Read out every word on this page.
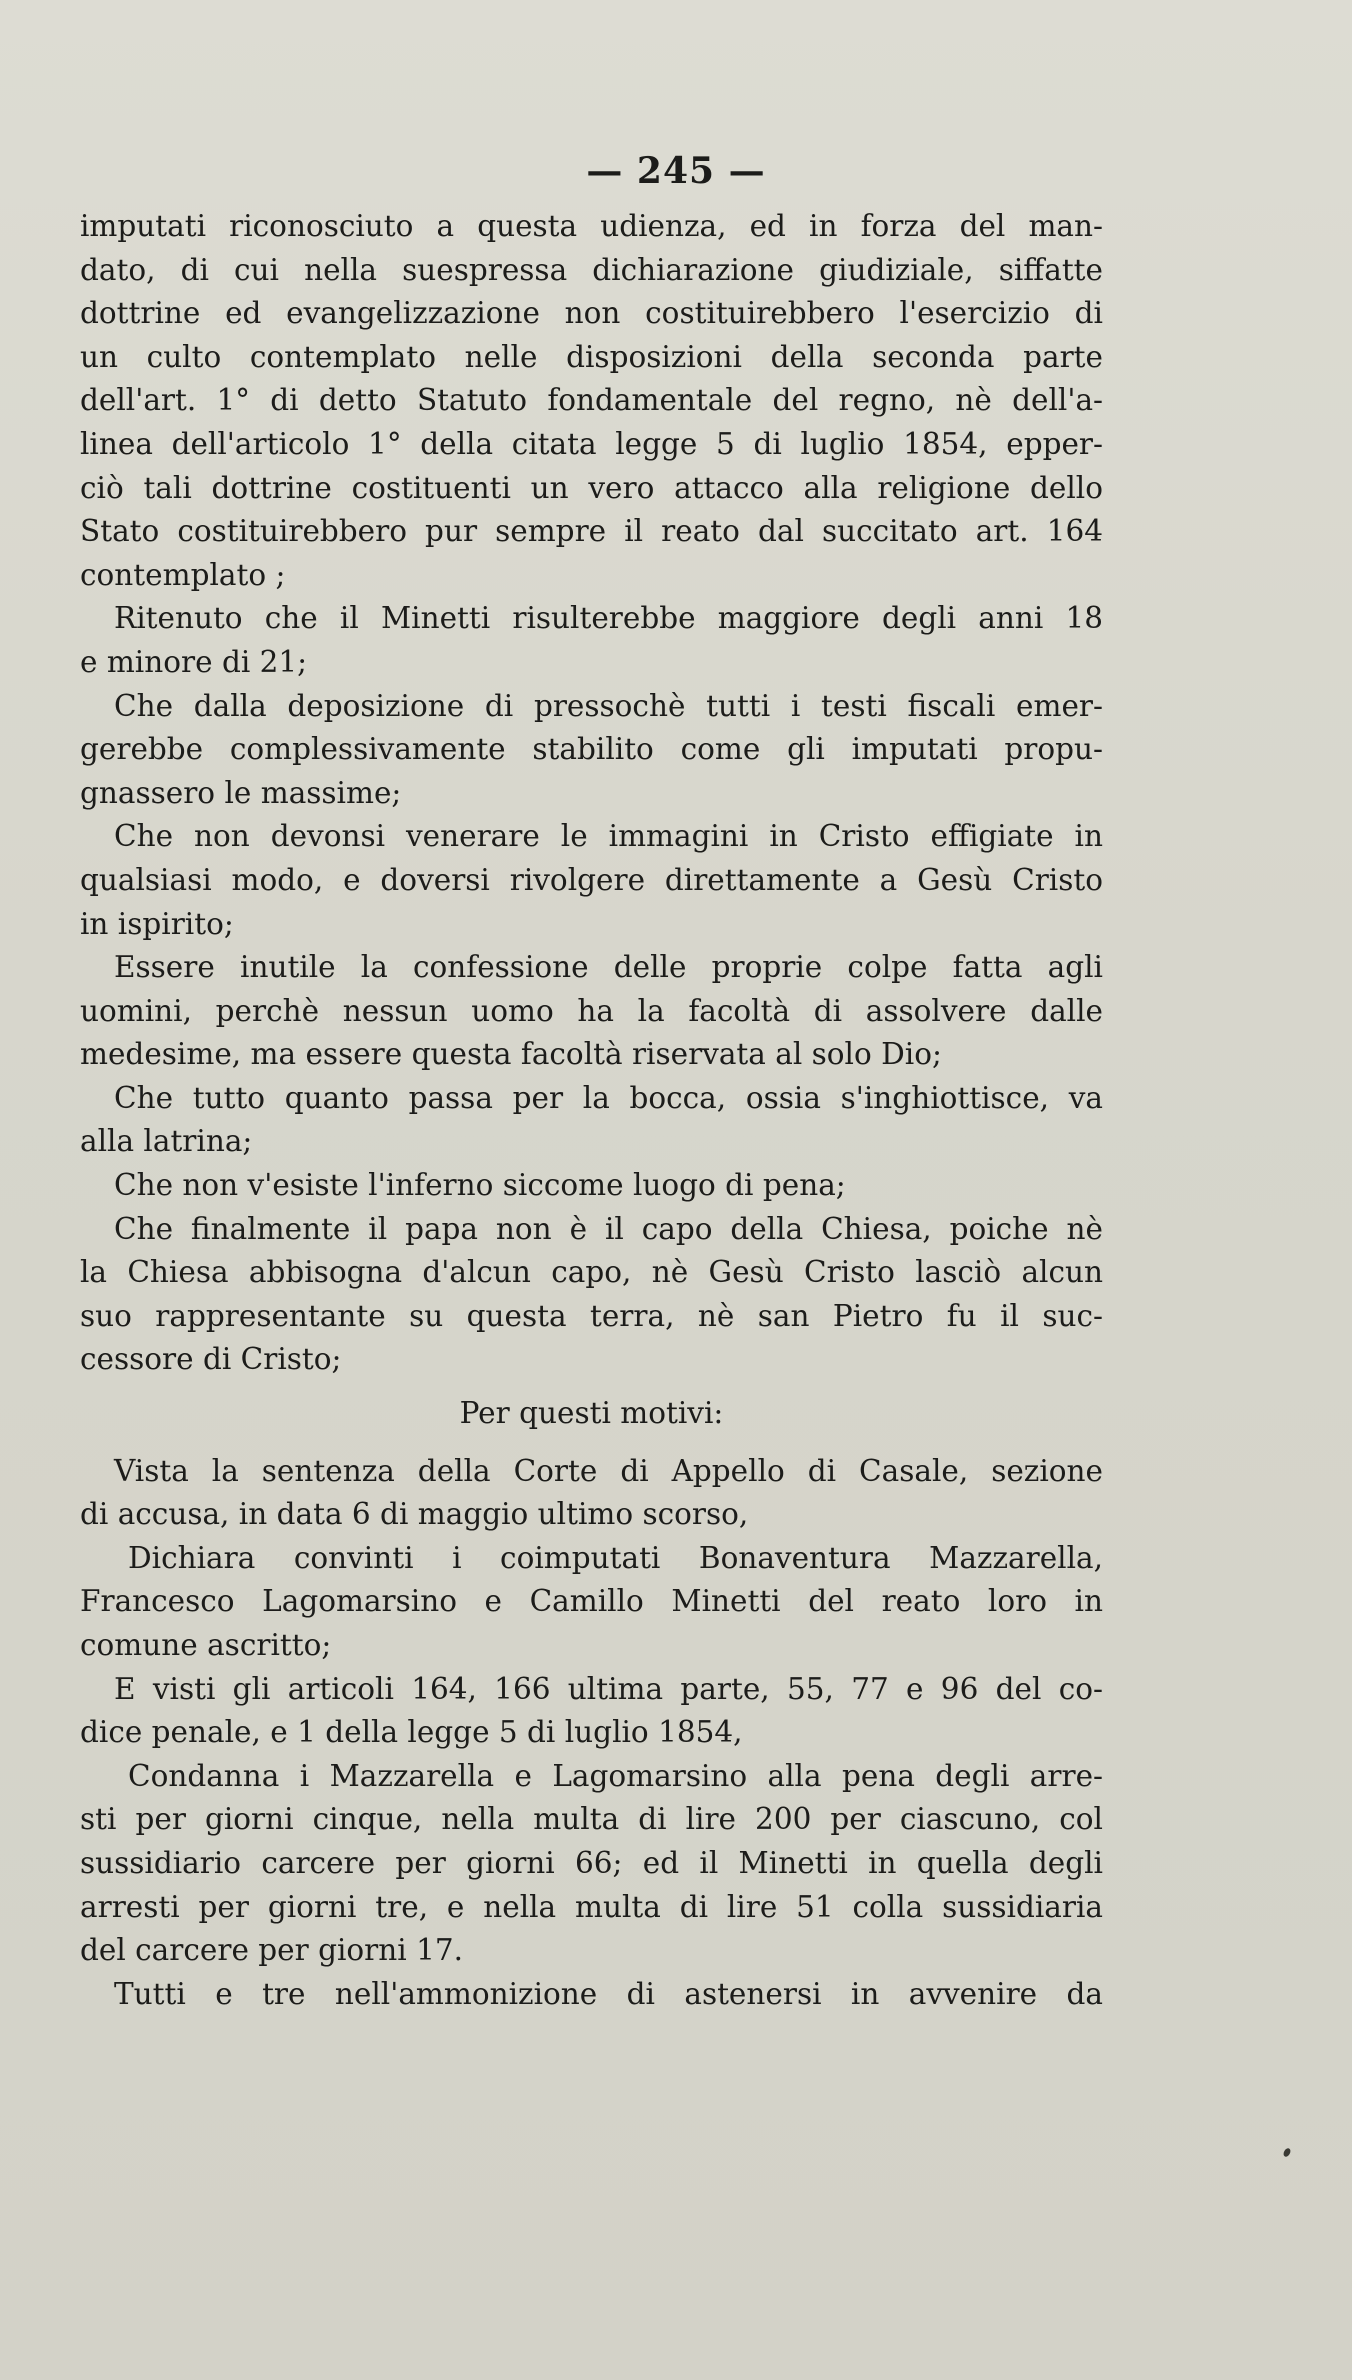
— 245 —
imputati riconosciuto a questa udienza, ed in forza del man‑
dato, di cui nella suespressa dichiarazione giudiziale, siffatte
dottrine ed evangelizzazione non costituirebbero l'esercizio di
un culto contemplato nelle disposizioni della seconda parte
dell'art. 1° di detto Statuto fondamentale del regno, nè dell'a-
linea dell'articolo 1° della citata legge 5 di luglio 1854, epper-
ciò tali dottrine costituenti un vero attacco alla religione dello
Stato costituirebbero pur sempre il reato dal succitato art. 164
contemplato ;
Ritenuto che il Minetti risulterebbe maggiore degli anni 18
e minore di 21;
Che dalla deposizione di pressochè tutti i testi fiscali emer-
gerebbe complessivamente stabilito come gli imputati propu-
gnassero le massime;
Che non devonsi venerare le immagini in Cristo effigiate in
qualsiasi modo, e doversi rivolgere direttamente a Gesù Cristo
in ispirito;
Essere inutile la confessione delle proprie colpe fatta agli
uomini, perchè nessun uomo ha la facoltà di assolvere dalle
medesime, ma essere questa facoltà riservata al solo Dio;
Che tutto quanto passa per la bocca, ossia s'inghiottisce, va
alla latrina;
Che non v'esiste l'inferno siccome luogo di pena;
Che finalmente il papa non è il capo della Chiesa, poiche nè
la Chiesa abbisogna d'alcun capo, nè Gesù Cristo lasciò alcun
suo rappresentante su questa terra, nè san Pietro fu il suc-
cessore di Cristo;
Per questi motivi:
Vista la sentenza della Corte di Appello di Casale, sezione
di accusa, in data 6 di maggio ultimo scorso,
Dichiara convinti i coimputati Bonaventura Mazzarella,
Francesco Lagomarsino e Camillo Minetti del reato loro in
comune ascritto;
E visti gli articoli 164, 166 ultima parte, 55, 77 e 96 del co-
dice penale, e 1 della legge 5 di luglio 1854,
Condanna i Mazzarella e Lagomarsino alla pena degli arre-
sti per giorni cinque, nella multa di lire 200 per ciascuno, col
sussidiario carcere per giorni 66; ed il Minetti in quella degli
arresti per giorni tre, e nella multa di lire 51 colla sussidiaria
del carcere per giorni 17.
Tutti e tre nell'ammonizione di astenersi in avvenire da
